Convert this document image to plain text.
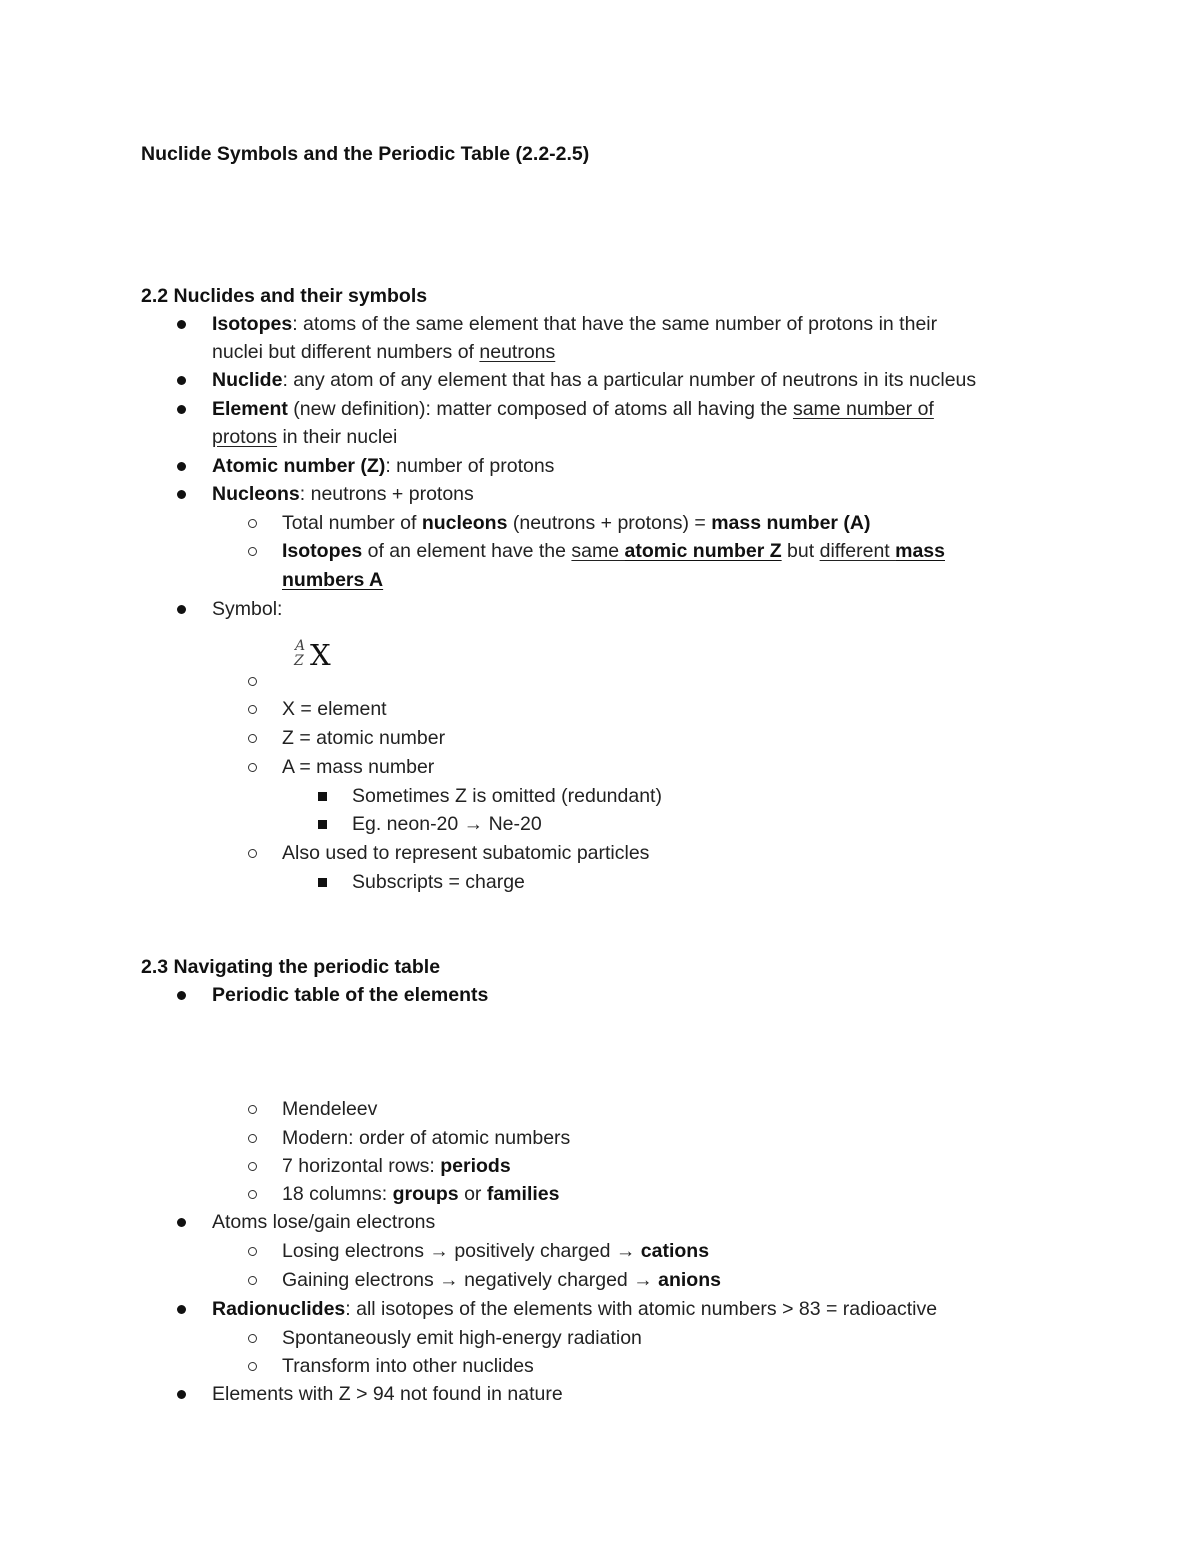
Nuclide Symbols and the Periodic Table (2.2-2.5)
2.2 Nuclides and their symbols
Isotopes: atoms of the same element that have the same number of protons in their
nuclei but different numbers of neutrons
Nuclide: any atom of any element that has a particular number of neutrons in its nucleus
Element (new definition): matter composed of atoms all having the same number of
protons in their nuclei
Atomic number (Z): number of protons
Nucleons: neutrons + protons
Total number of nucleons (neutrons + protons) = mass number (A)
Isotopes of an element have the same atomic number Z but different mass
numbers A
Symbol:
A
Z X
X = element
Z = atomic number
A = mass number
Sometimes Z is omitted (redundant)
Eg. neon-20 → Ne-20
Also used to represent subatomic particles
Subscripts = charge
2.3 Navigating the periodic table
Periodic table of the elements
Mendeleev
Modern: order of atomic numbers
7 horizontal rows: periods
18 columns: groups or families
Atoms lose/gain electrons
Losing electrons → positively charged → cations
Gaining electrons → negatively charged → anions
Radionuclides: all isotopes of the elements with atomic numbers > 83 = radioactive
Spontaneously emit high-energy radiation
Transform into other nuclides
Elements with Z > 94 not found in nature
